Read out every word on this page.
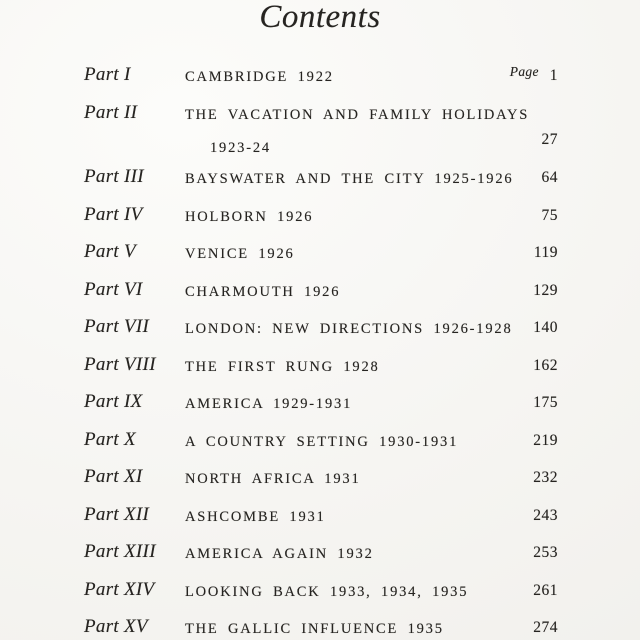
Contents
Part I	CAMBRIDGE 1922	Page 1
Part II	THE VACATION AND FAMILY HOLIDAYS
1923-24	27
Part III	BAYSWATER AND THE CITY 1925-1926	64
Part IV	HOLBORN 1926	75
Part V	VENICE 1926	119
Part VI	CHARMOUTH 1926	129
Part VII	LONDON: NEW DIRECTIONS 1926-1928	140
Part VIII	THE FIRST RUNG 1928	162
Part IX	AMERICA 1929-1931	175
Part X	A COUNTRY SETTING 1930-1931	219
Part XI	NORTH AFRICA 1931	232
Part XII	ASHCOMBE 1931	243
Part XIII	AMERICA AGAIN 1932	253
Part XIV	LOOKING BACK 1933, 1934, 1935	261
Part XV	THE GALLIC INFLUENCE 1935	274
